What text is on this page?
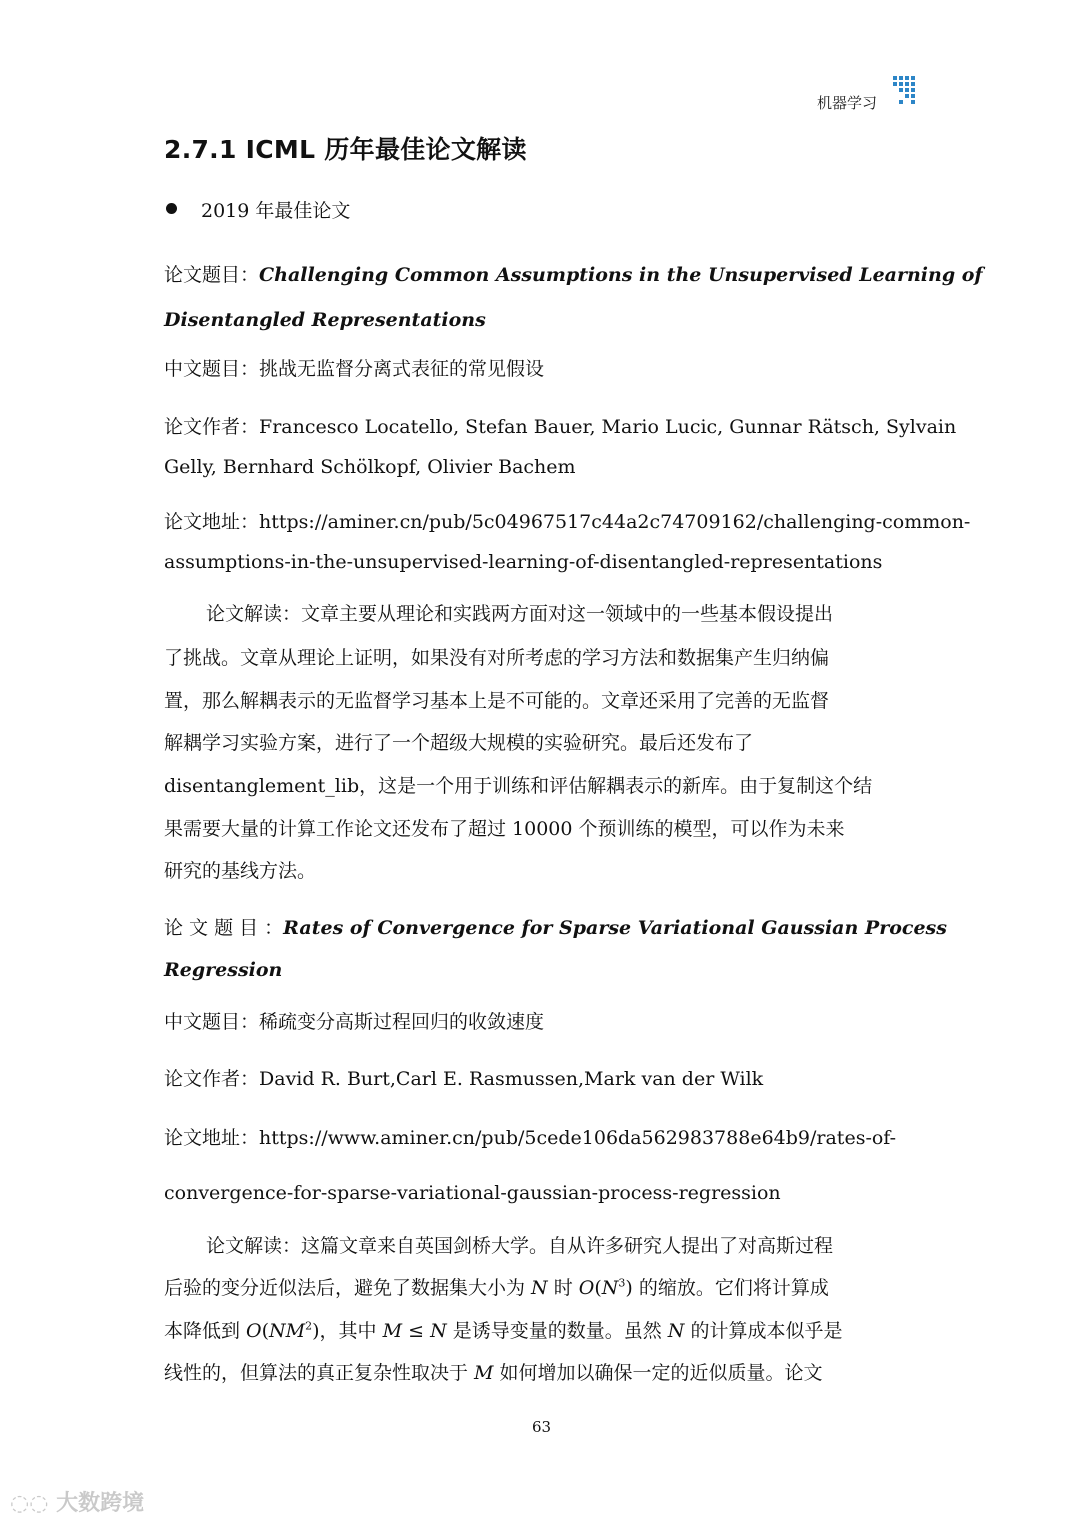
机器学习
2.7.1 ICML 历年最佳论文解读
2019 年最佳论文
论文题目：Challenging Common Assumptions in the Unsupervised Learning of
Disentangled Representations
中文题目：挑战无监督分离式表征的常见假设
论文作者：Francesco Locatello, Stefan Bauer, Mario Lucic, Gunnar Rätsch, Sylvain
Gelly, Bernhard Schölkopf, Olivier Bachem
论文地址：https://aminer.cn/pub/5c04967517c44a2c74709162/challenging-common-
assumptions-in-the-unsupervised-learning-of-disentangled-representations
论文解读：文章主要从理论和实践两方面对这一领域中的一些基本假设提出
了挑战。文章从理论上证明，如果没有对所考虑的学习方法和数据集产生归纳偏
置，那么解耦表示的无监督学习基本上是不可能的。文章还采用了完善的无监督
解耦学习实验方案，进行了一个超级大规模的实验研究。最后还发布了
disentanglement_lib，这是一个用于训练和评估解耦表示的新库。由于复制这个结
果需要大量的计算工作论文还发布了超过 10000 个预训练的模型，可以作为未来
研究的基线方法。
论 文 题 目 ：Rates of Convergence for Sparse Variational Gaussian Process
Regression
中文题目：稀疏变分高斯过程回归的收敛速度
论文作者：David R. Burt,Carl E. Rasmussen,Mark van der Wilk
论文地址：https://www.aminer.cn/pub/5cede106da562983788e64b9/rates-of-
convergence-for-sparse-variational-gaussian-process-regression
论文解读：这篇文章来自英国剑桥大学。自从许多研究人提出了对高斯过程
后验的变分近似法后，避免了数据集大小为 N 时 $O(N^3)$ 的缩放。它们将计算成
本降低到 $O(NM^2)$，其中 M ≤ N 是诱导变量的数量。虽然 N 的计算成本似乎是
线性的，但算法的真正复杂性取决于 M 如何增加以确保一定的近似质量。论文
63
◌◌ 大数跨境
